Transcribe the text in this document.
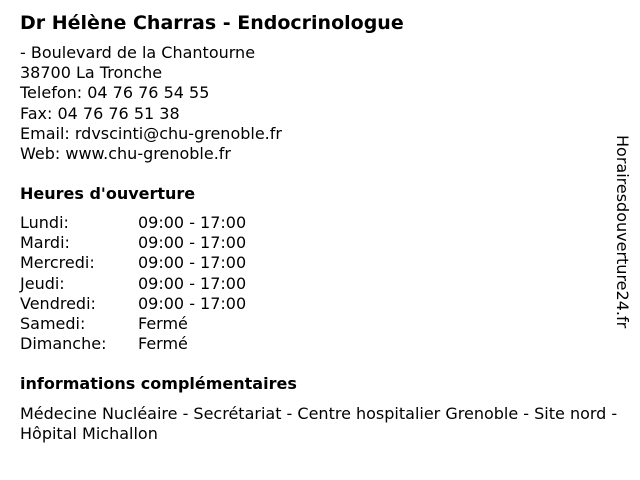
Dr Hélène Charras - Endocrinologue
- Boulevard de la Chantourne
38700 La Tronche
Telefon: 04 76 76 54 55
Fax: 04 76 76 51 38
Email: rdvscinti@chu-grenoble.fr
Web: www.chu-grenoble.fr
Heures d'ouverture
Lundi:	09:00 - 17:00
Mardi:	09:00 - 17:00
Mercredi:	09:00 - 17:00
Jeudi:	09:00 - 17:00
Vendredi:	09:00 - 17:00
Samedi:	Fermé
Dimanche:	Fermé
informations complémentaires
Médecine Nucléaire - Secrétariat - Centre hospitalier Grenoble - Site nord - Hôpital Michallon
Horairesdouverture24.fr
